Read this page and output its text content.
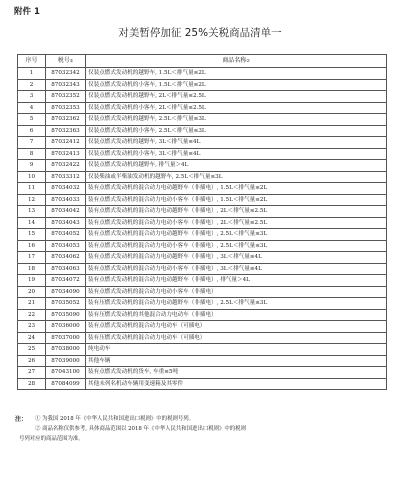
附件 1
对美暂停加征 25%关税商品清单一
序号	税号①	商品名称②
1	87032342	仅装点燃式发动机的越野车, 1.5L＜排气量≤2L
2	87032343	仅装点燃式发动机的小客车, 1.5L＜排气量≤2L
3	87032352	仅装点燃式发动机的越野车, 2L＜排气量≤2.5L
4	87032353	仅装点燃式发动机的小客车, 2L＜排气量≤2.5L
5	87032362	仅装点燃式发动机的越野车, 2.5L＜排气量≤3L
6	87032363	仅装点燃式发动机的小客车, 2.5L＜排气量≤3L
7	87032412	仅装点燃式发动机的越野车, 3L＜排气量≤4L
8	87032413	仅装点燃式发动机的小客车, 3L＜排气量≤4L
9	87032422	仅装点燃式发动机的越野车, 排气量＞4L
10	87033312	仅装柴油或半柴油发动机的越野车, 2.5L＜排气量≤3L
11	87034032	装有点燃式发动机的混合动力电动越野车（非插电）, 1.5L＜排气量≤2L
12	87034033	装有点燃式发动机的混合动力电动小客车（非插电）, 1.5L＜排气量≤2L
13	87034042	装有点燃式发动机的混合动力电动越野车（非插电）, 2L＜排气量≤2.5L
14	87034043	装有点燃式发动机的混合动力电动小客车（非插电）, 2L＜排气量≤2.5L
15	87034052	装有点燃式发动机的混合动力电动越野车（非插电）, 2.5L＜排气量≤3L
16	87034053	装有点燃式发动机的混合动力电动小客车（非插电）, 2.5L＜排气量≤3L
17	87034062	装有点燃式发动机的混合动力电动越野车（非插电）, 3L＜排气量≤4L
18	87034063	装有点燃式发动机的混合动力电动小客车（非插电）, 3L＜排气量≤4L
19	87034072	装有点燃式发动机的混合动力电动越野车（非插电）, 排气量＞4L
20	87034090	装有点燃式发动机的混合动力电动小客车（非插电）
21	87035052	装有压燃式发动机的混合动力电动越野车（非插电）, 2.5L＜排气量≤3L
22	87035090	装有压燃式发动机的其他混合动力电动车（非插电）
23	87036000	装有点燃式发动机的混合动力电动车（可插电）
24	87037000	装有压燃式发动机的混合动力电动车（可插电）
25	87038000	纯电动车
26	87039000	其他车辆
27	87043100	装有点燃式发动机的货车, 车重≤5吨
28	87084099	其他未列名机动车辆用变速箱及其零件
注： ① 为我国 2018 年《中华人民共和国进出口税则》中的税则号列。
② 商品名称仅供参考, 具体商品范围以 2018 年《中华人民共和国进出口税则》中的税则
号列对应的商品范围为准。
